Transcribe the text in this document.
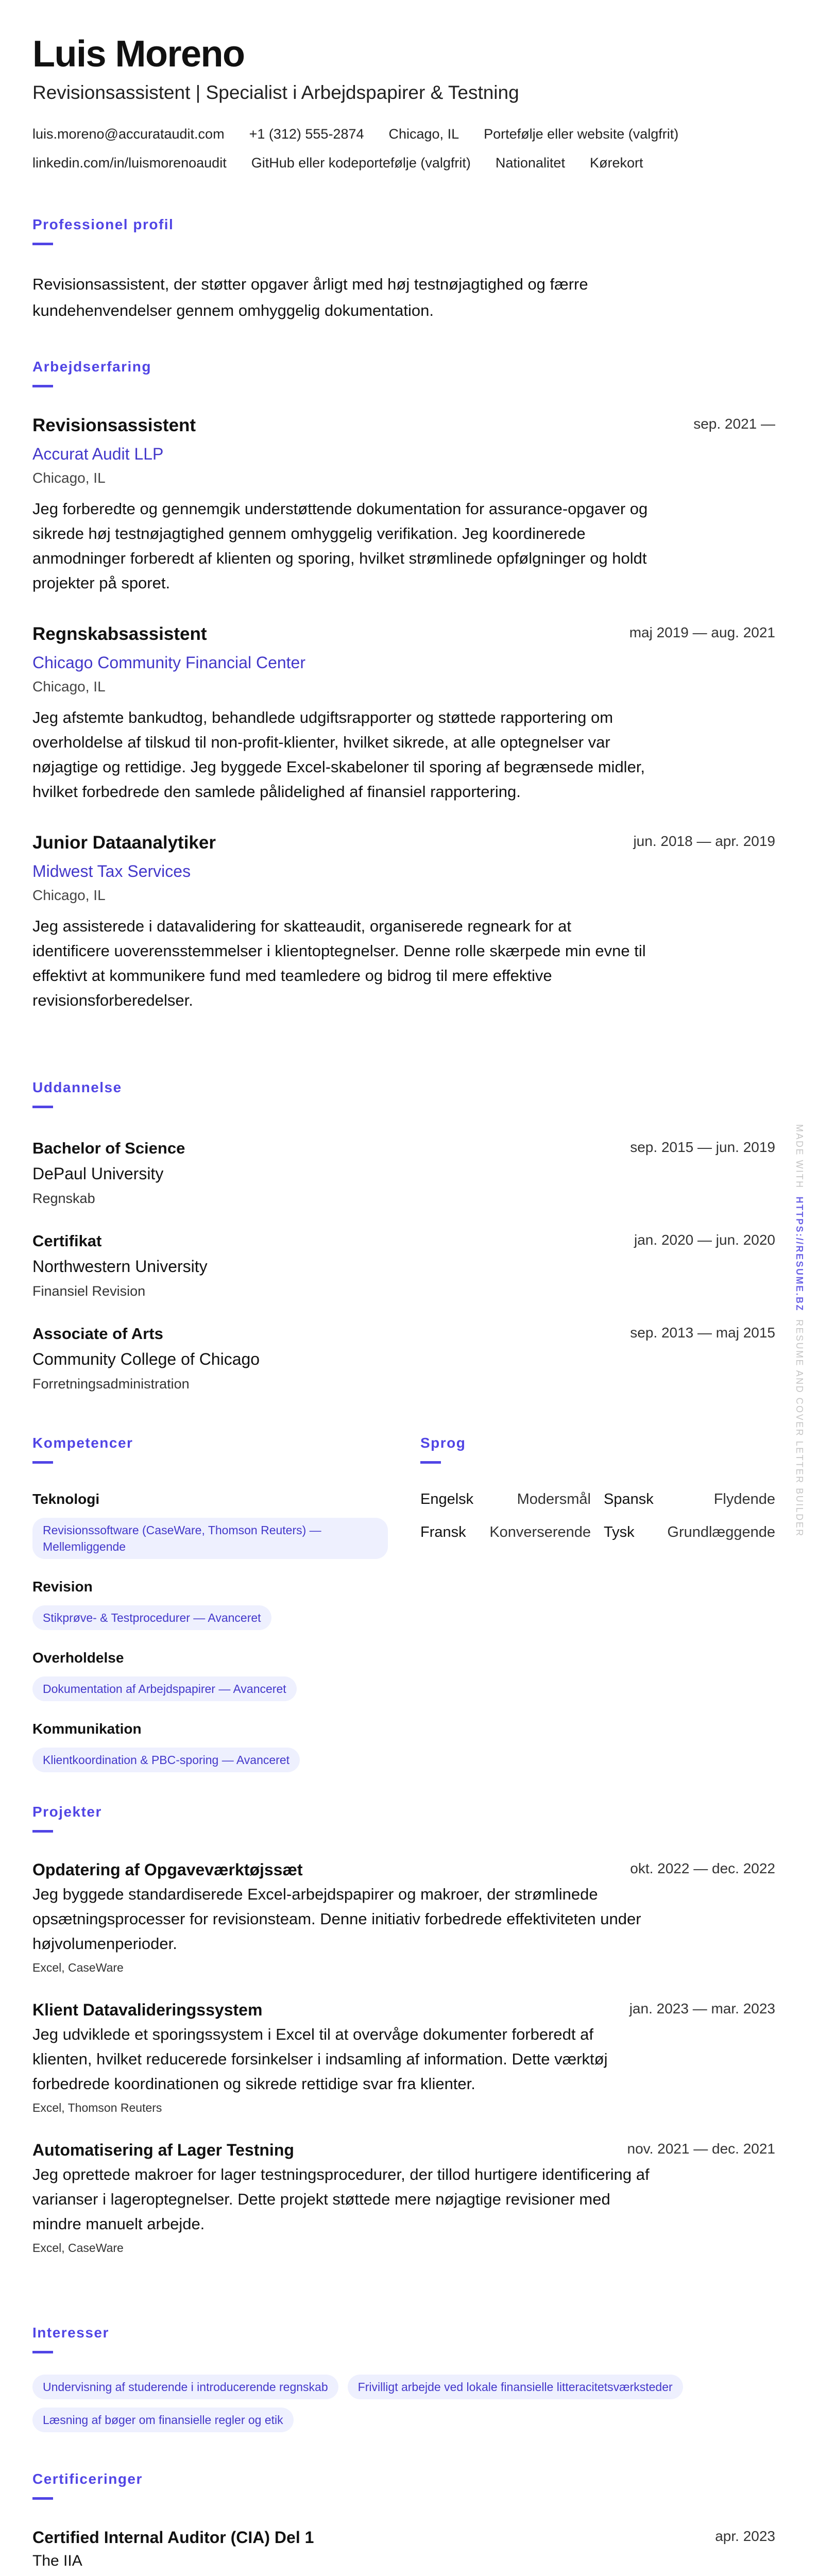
Luis Moreno
Revisionsassistent | Specialist i Arbejdspapirer & Testning
luis.moreno@accurataudit.com +1 (312) 555-2874 Chicago, IL Portefølje eller website (valgfrit)
linkedin.com/in/luismorenoaudit GitHub eller kodeportefølje (valgfrit) Nationalitet Kørekort
Professionel profil

Revisionsassistent, der støtter opgaver årligt med høj testnøjagtighed og færre kundehenvendelser gennem omhyggelig dokumentation.

Arbejdserfaring
Revisionsassistent	sep. 2021 —
Accurat Audit LLP
Chicago, IL
Jeg forberedte og gennemgik understøttende dokumentation for assurance-opgaver og sikrede høj testnøjagtighed gennem omhyggelig verifikation. Jeg koordinerede anmodninger forberedt af klienten og sporing, hvilket strømlinede opfølgninger og holdt projekter på sporet.
Regnskabsassistent	maj 2019 — aug. 2021
Chicago Community Financial Center
Chicago, IL
Jeg afstemte bankudtog, behandlede udgiftsrapporter og støttede rapportering om overholdelse af tilskud til non-profit-klienter, hvilket sikrede, at alle optegnelser var nøjagtige og rettidige. Jeg byggede Excel-skabeloner til sporing af begrænsede midler, hvilket forbedrede den samlede pålidelighed af finansiel rapportering.
Junior Dataanalytiker	jun. 2018 — apr. 2019
Midwest Tax Services
Chicago, IL
Jeg assisterede i datavalidering for skatteaudit, organiserede regneark for at identificere uoverensstemmelser i klientoptegnelser. Denne rolle skærpede min evne til effektivt at kommunikere fund med teamledere og bidrog til mere effektive revisionsforberedelser.
Uddannelse
Bachelor of Science	sep. 2015 — jun. 2019
DePaul University
Regnskab
Certifikat	jan. 2020 — jun. 2020
Northwestern University
Finansiel Revision
Associate of Arts	sep. 2013 — maj 2015
Community College of Chicago
Forretningsadministration
Kompetencer
Teknologi
Revisionssoftware (CaseWare, Thomson Reuters) — Mellemliggende
Revision
Stikprøve- & Testprocedurer — Avanceret
Overholdelse
Dokumentation af Arbejdspapirer — Avanceret
Kommunikation
Klientkoordination & PBC-sporing — Avanceret
Sprog
Engelsk	Modersmål Spansk	Flydende
Fransk Konverserende Tysk Grundlæggende
Projekter
Opdatering af Opgaveværktøjssæt	okt. 2022 — dec. 2022
Jeg byggede standardiserede Excel-arbejdspapirer og makroer, der strømlinede opsætningsprocesser for revisionsteam. Denne initiativ forbedrede effektiviteten under højvolumenperioder.
Excel, CaseWare
Klient Datavalideringssystem	jan. 2023 — mar. 2023
Jeg udviklede et sporingssystem i Excel til at overvåge dokumenter forberedt af klienten, hvilket reducerede forsinkelser i indsamling af information. Dette værktøj forbedrede koordinationen og sikrede rettidige svar fra klienter.
Excel, Thomson Reuters
Automatisering af Lager Testning	nov. 2021 — dec. 2021
Jeg oprettede makroer for lager testningsprocedurer, der tillod hurtigere identificering af varianser i lageroptegnelser. Dette projekt støttede mere nøjagtige revisioner med mindre manuelt arbejde.
Excel, CaseWare
Interesser
Undervisning af studerende i introducerende regnskab	Frivilligt arbejde ved lokale finansielle litteracitetsværksteder
Læsning af bøger om finansielle regler og etik
Certificeringer
Certified Internal Auditor (CIA) Del 1	apr. 2023
The IIA
MADE WITH  HTTPS://RESUME.BZ  RESUME AND COVER LETTER BUILDER
